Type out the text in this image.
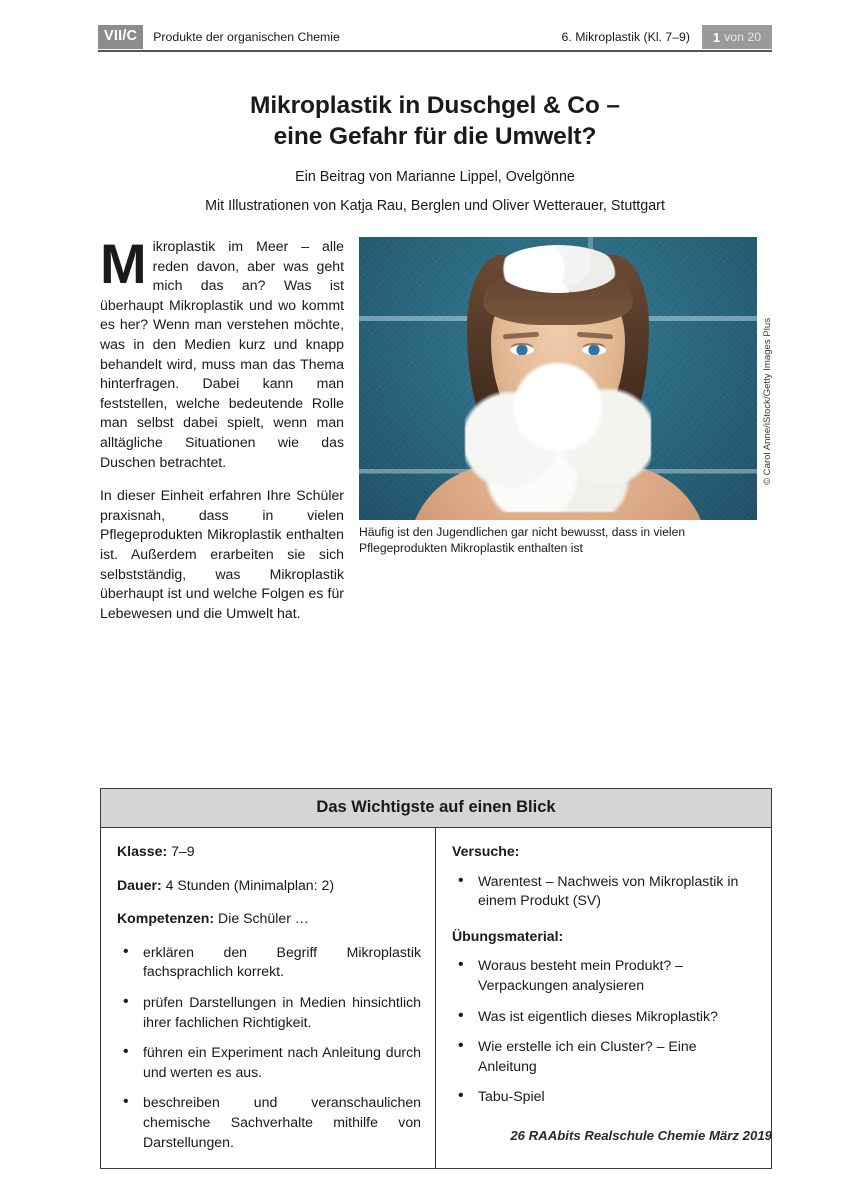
VII/C	Produkte der organischen Chemie	6. Mikroplastik (Kl. 7–9)	1 von 20
Mikroplastik in Duschgel & Co –
eine Gefahr für die Umwelt?
Ein Beitrag von Marianne Lippel, Ovelgönne
Mit Illustrationen von Katja Rau, Berglen und Oliver Wetterauer, Stuttgart

Mikroplastik im Meer – alle reden davon, aber was geht mich das an? Was ist überhaupt Mikroplastik und wo kommt es her? Wenn man verstehen möchte, was in den Medien kurz und knapp behandelt wird, muss man das Thema hinterfragen. Dabei kann man feststellen, welche bedeutende Rolle man selbst dabei spielt, wenn man alltägliche Situationen wie das Duschen betrachtet.

In dieser Einheit erfahren Ihre Schüler praxisnah, dass in vielen Pflegeprodukten Mikroplastik enthalten ist. Außerdem erarbeiten sie sich selbstständig, was Mikroplastik überhaupt ist und welche Folgen es für Lebewesen und die Umwelt hat.

© Carol Anne/iStock/Getty Images Plus
Häufig ist den Jugendlichen gar nicht bewusst, dass in vielen Pflegeprodukten Mikroplastik enthalten ist
Das Wichtigste auf einen Blick

Klasse: 7–9

Dauer: 4 Stunden (Minimalplan: 2)

Kompetenzen: Die Schüler …

• erklären den Begriff Mikroplastik fachsprachlich korrekt.
• prüfen Darstellungen in Medien hinsichtlich ihrer fachlichen Richtigkeit.
• führen ein Experiment nach Anleitung durch und werten es aus.
• beschreiben und veranschaulichen chemische Sachverhalte mithilfe von Darstellungen.

Versuche:

• Warentest – Nachweis von Mikroplastik in einem Produkt (SV)

Übungsmaterial:

• Woraus besteht mein Produkt? – Verpackungen analysieren
• Was ist eigentlich dieses Mikroplastik?
• Wie erstelle ich ein Cluster? – Eine Anleitung
• Tabu-Spiel
26 RAAbits Realschule Chemie März 2019
